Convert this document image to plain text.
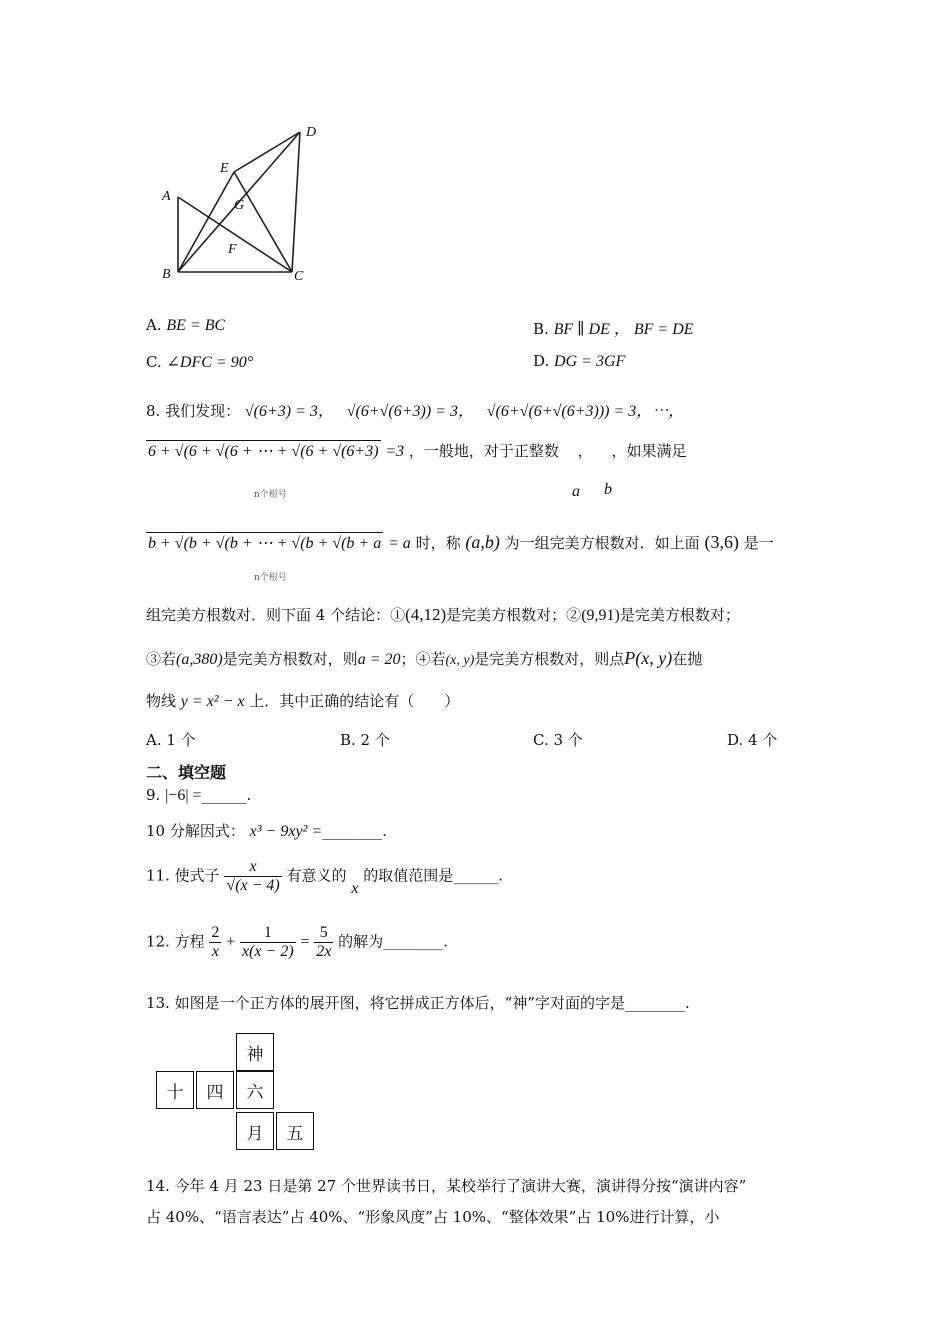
A
B	C
D
E
F
G
A. BE = BC	B. BF ∥ DE ， BF = DE
C. ∠DFC = 90°	D. DG = 3GF
8. 我们发现： √(6+3) = 3， √(6+√(6+3)) = 3， √(6+√(6+√(6+3))) = 3，⋯，
6 + √(6 + √(6 + ⋯ + √(6 + √(6+3) =3 ，一般地，对于正整数 ， ，如果满足
n个根号	a b
b + √(b + √(b + ⋯ + √(b + √(b + a = a 时，称 (a,b) 为一组完美方根数对．如上面 (3,6) 是一
n个根号
组完美方根数对．则下面 4 个结论：①(4,12)是完美方根数对；②(9,91)是完美方根数对；
③若(a,380)是完美方根数对，则a = 20；④若(x, y)是完美方根数对，则点P(x, y)在抛
物线 y = x² − x 上．其中正确的结论有（　　）
A. 1 个	B. 2 个	C. 3 个	D. 4 个
二、填空题
9. |−6| =______.
10 分解因式： x³ − 9xy² =________.
11. 使式子 $\frac{x}{√(x - 4)}$ 有意义的 x 的取值范围是______.
12. 方程 $\frac{2}{x} + \frac{1}{x(x - 2)} = \frac{5}{2x}$ 的解为________.
13. 如图是一个正方体的展开图，将它拼成正方体后，“神”字对面的字是________.
神
十	四	六
月	五
14. 今年 4 月 23 日是第 27 个世界读书日，某校举行了演讲大赛，演讲得分按“演讲内容”
占 40%、“语言表达”占 40%、“形象风度”占 10%、“整体效果”占 10%进行计算，小
